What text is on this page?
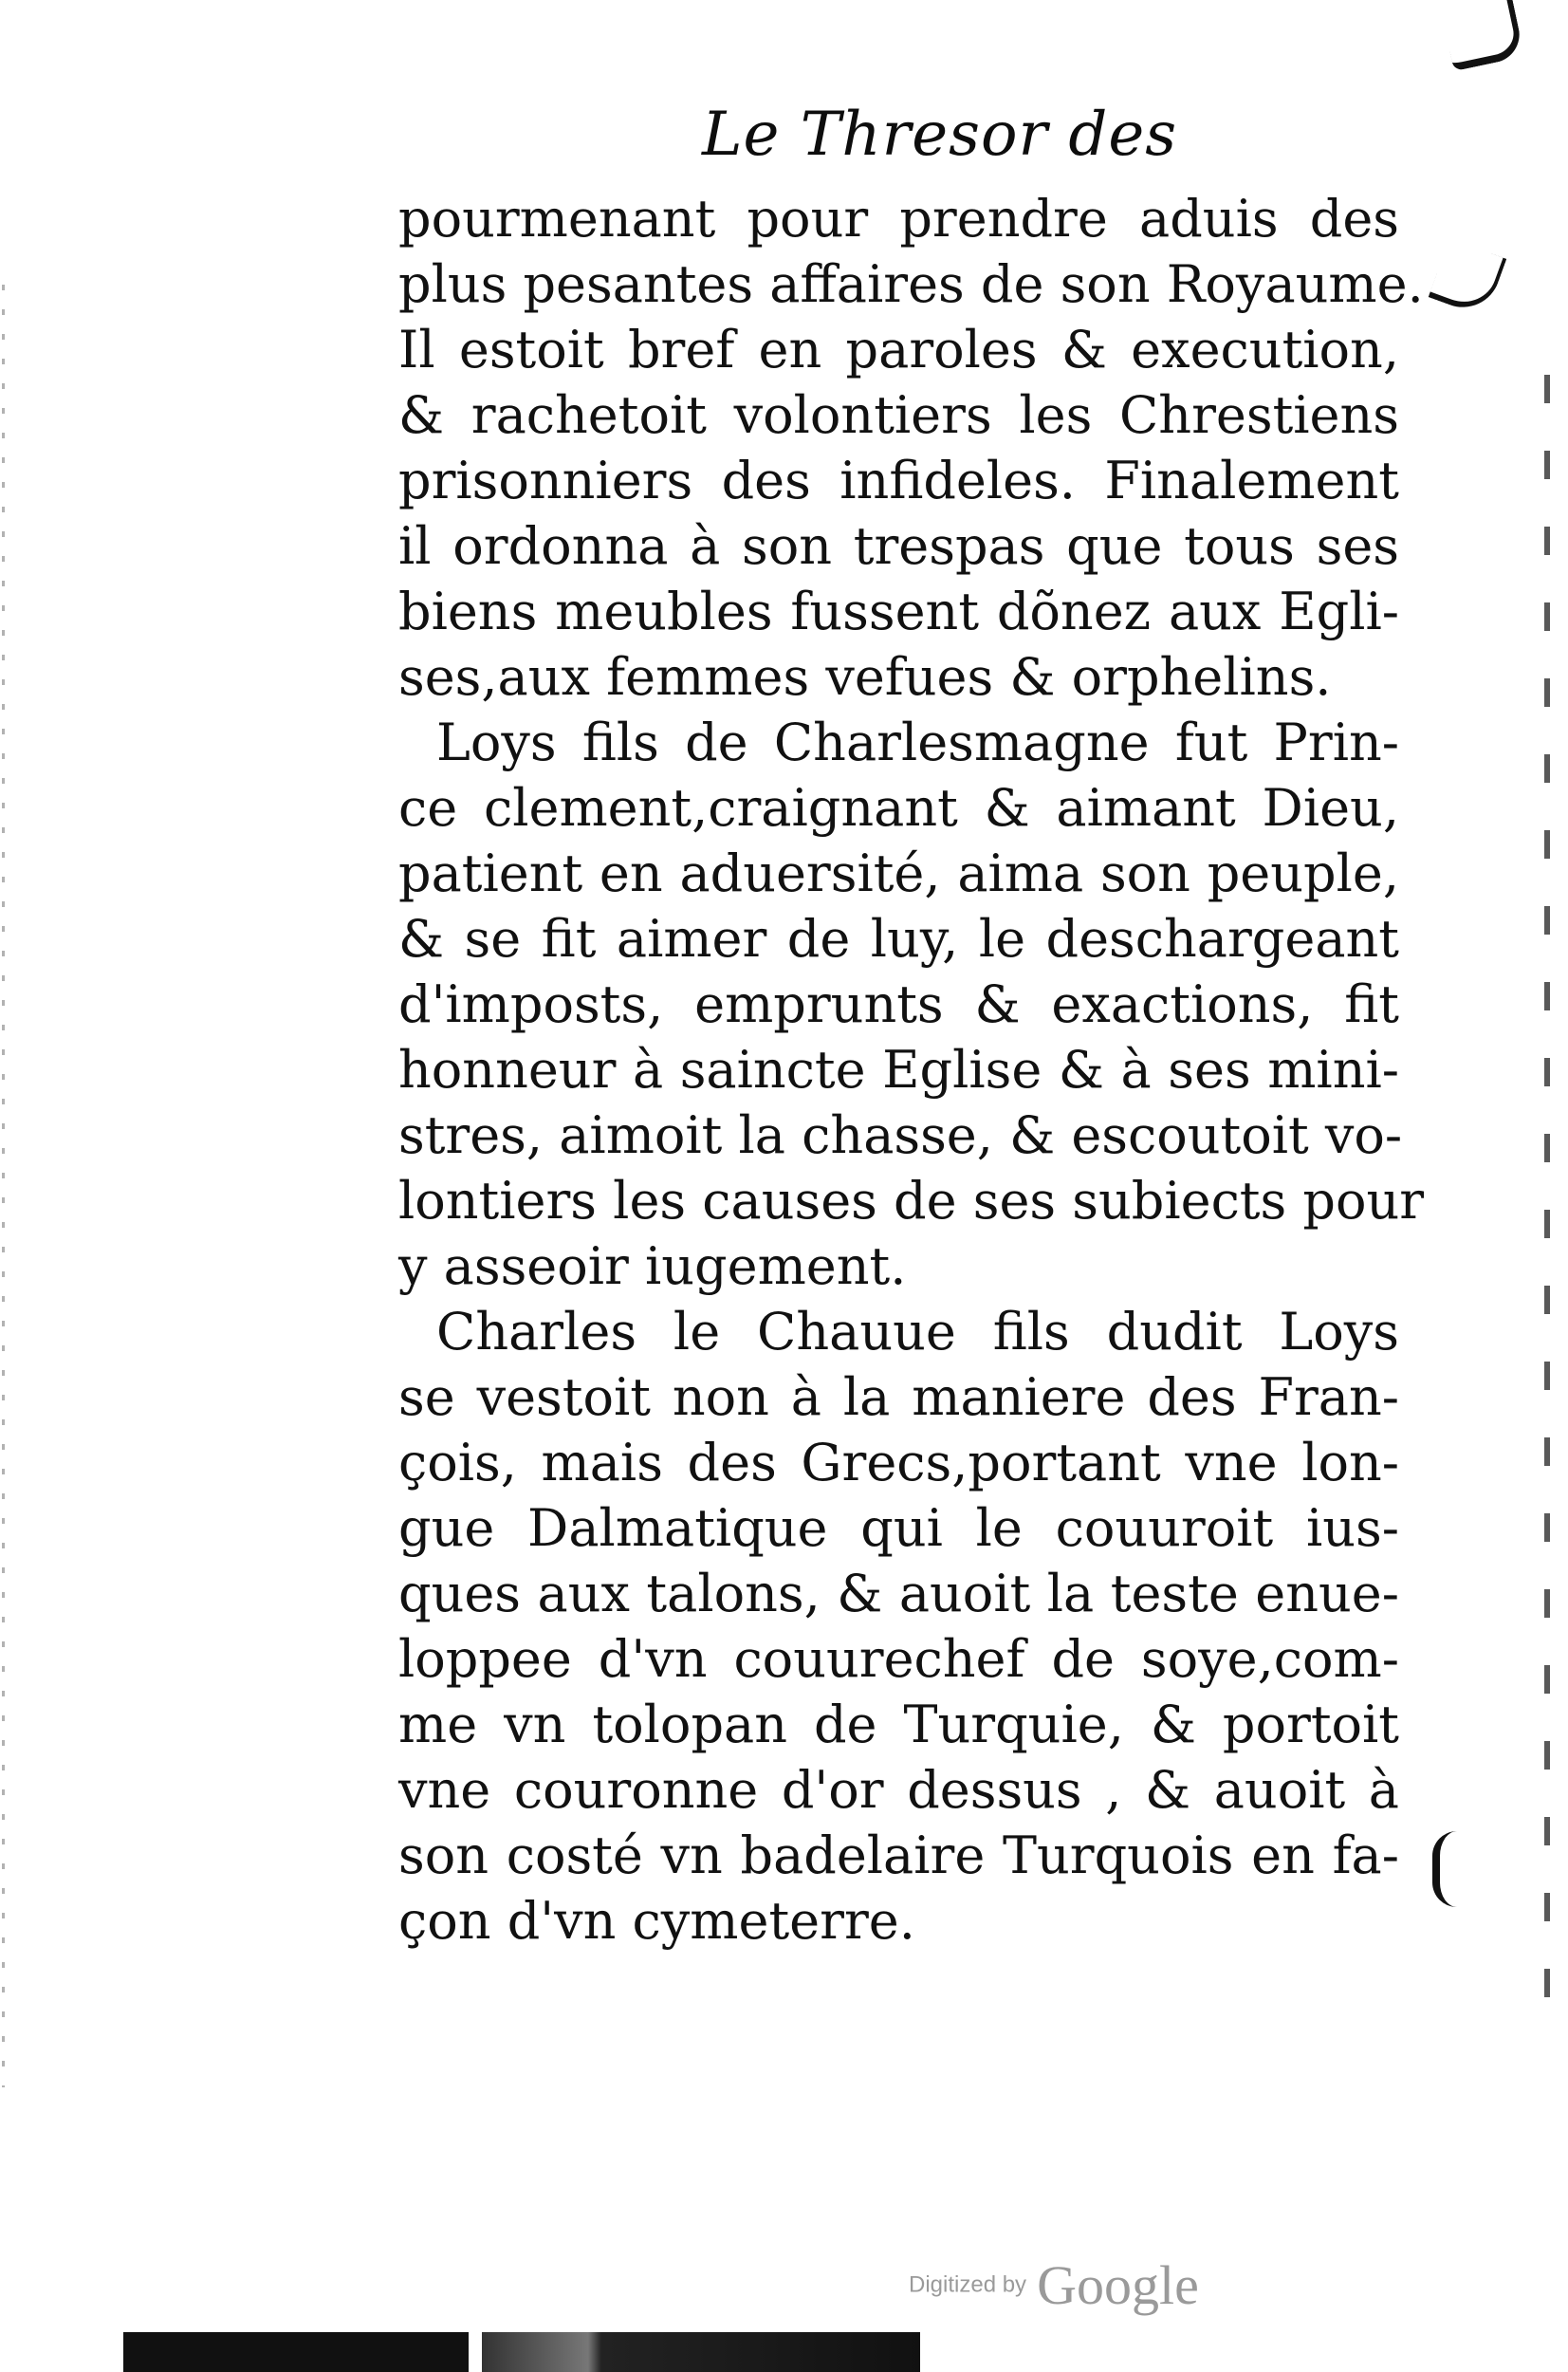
Le Thresor des
pourmenant pour prendre aduis des
plus pesantes affaires de son Royaume.
Il estoit bref en paroles & execution,
& rachetoit volontiers les Chrestiens
prisonniers des infideles. Finalement
il ordonna à son trespas que tous ses
biens meubles fussent dõnez aux Egli-
ses,aux femmes vefues & orphelins.
Loys fils de Charlesmagne fut Prin-
ce clement,craignant & aimant Dieu,
patient en aduersité, aima son peuple,
& se fit aimer de luy, le deschargeant
d'imposts, emprunts & exactions, fit
honneur à saincte Eglise & à ses mini-
stres, aimoit la chasse, & escoutoit vo-
lontiers les causes de ses subiects pour
y asseoir iugement.
Charles le Chauue fils dudit Loys
se vestoit non à la maniere des Fran-
çois, mais des Grecs,portant vne lon-
gue Dalmatique qui le couuroit ius-
ques aux talons, & auoit la teste enue-
loppee d'vn couurechef de soye,com-
me vn tolopan de Turquie, & portoit
vne couronne d'or dessus , & auoit à
son costé vn badelaire Turquois en fa-
çon d'vn cymeterre.
Digitized by Google
